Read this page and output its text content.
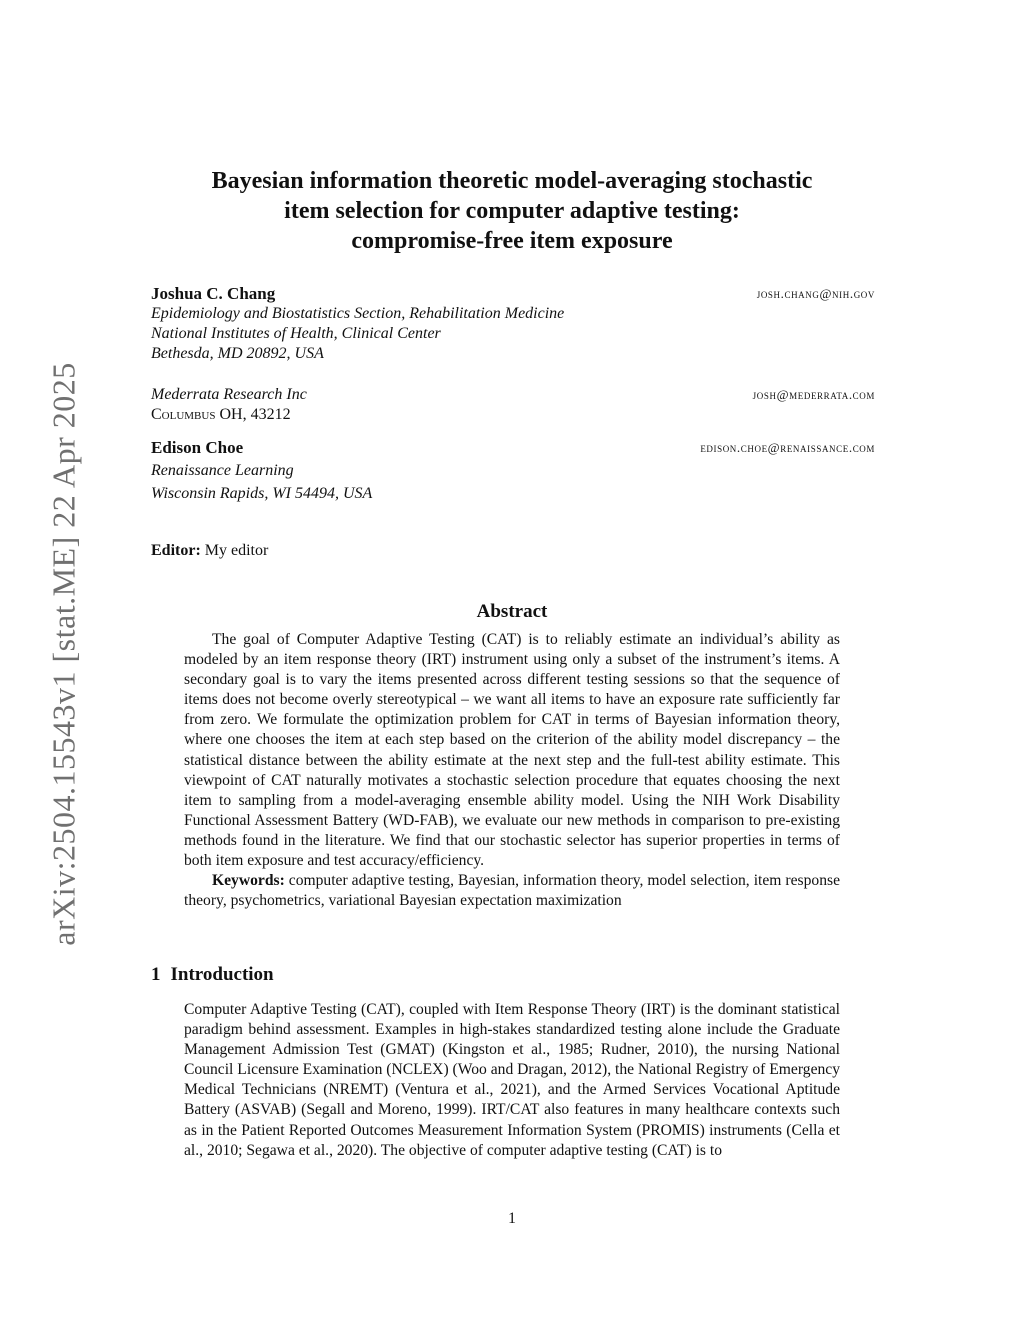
arXiv:2504.15543v1 [stat.ME] 22 Apr 2025
Bayesian information theoretic model-averaging stochastic
item selection for computer adaptive testing:
compromise-free item exposure
Joshua C. Chang	josh.chang@nih.gov
Epidemiology and Biostatistics Section, Rehabilitation Medicine
National Institutes of Health, Clinical Center
Bethesda, MD 20892, USA
Mederrata Research Inc	josh@mederrata.com
Columbus OH, 43212
Edison Choe	edison.choe@renaissance.com
Renaissance Learning
Wisconsin Rapids, WI 54494, USA
Editor: My editor
Abstract

The goal of Computer Adaptive Testing (CAT) is to reliably estimate an individual’s ability as modeled by an item response theory (IRT) instrument using only a subset of the instrument’s items. A secondary goal is to vary the items presented across different testing sessions so that the sequence of items does not become overly stereotypical – we want all items to have an exposure rate sufficiently far from zero. We formulate the optimization problem for CAT in terms of Bayesian information theory, where one chooses the item at each step based on the criterion of the ability model discrepancy – the statistical distance between the ability estimate at the next step and the full-test ability estimate. This viewpoint of CAT naturally motivates a stochastic selection procedure that equates choosing the next item to sampling from a model-averaging ensemble ability model. Using the NIH Work Disability Functional Assessment Battery (WD-FAB), we evaluate our new methods in comparison to pre-existing methods found in the literature. We find that our stochastic selector has superior properties in terms of both item exposure and test accuracy/efficiency.

Keywords: computer adaptive testing, Bayesian, information theory, model selection, item response theory, psychometrics, variational Bayesian expectation maximization

1 Introduction

Computer Adaptive Testing (CAT), coupled with Item Response Theory (IRT) is the dominant statistical paradigm behind assessment. Examples in high-stakes standardized testing alone include the Graduate Management Admission Test (GMAT) (Kingston et al., 1985; Rudner, 2010), the nursing National Council Licensure Examination (NCLEX) (Woo and Dragan, 2012), the National Registry of Emergency Medical Technicians (NREMT) (Ventura et al., 2021), and the Armed Services Vocational Aptitude Battery (ASVAB) (Segall and Moreno, 1999). IRT/CAT also features in many healthcare contexts such as in the Patient Reported Outcomes Measurement Information System (PROMIS) instruments (Cella et al., 2010; Segawa et al., 2020). The objective of computer adaptive testing (CAT) is to

1
